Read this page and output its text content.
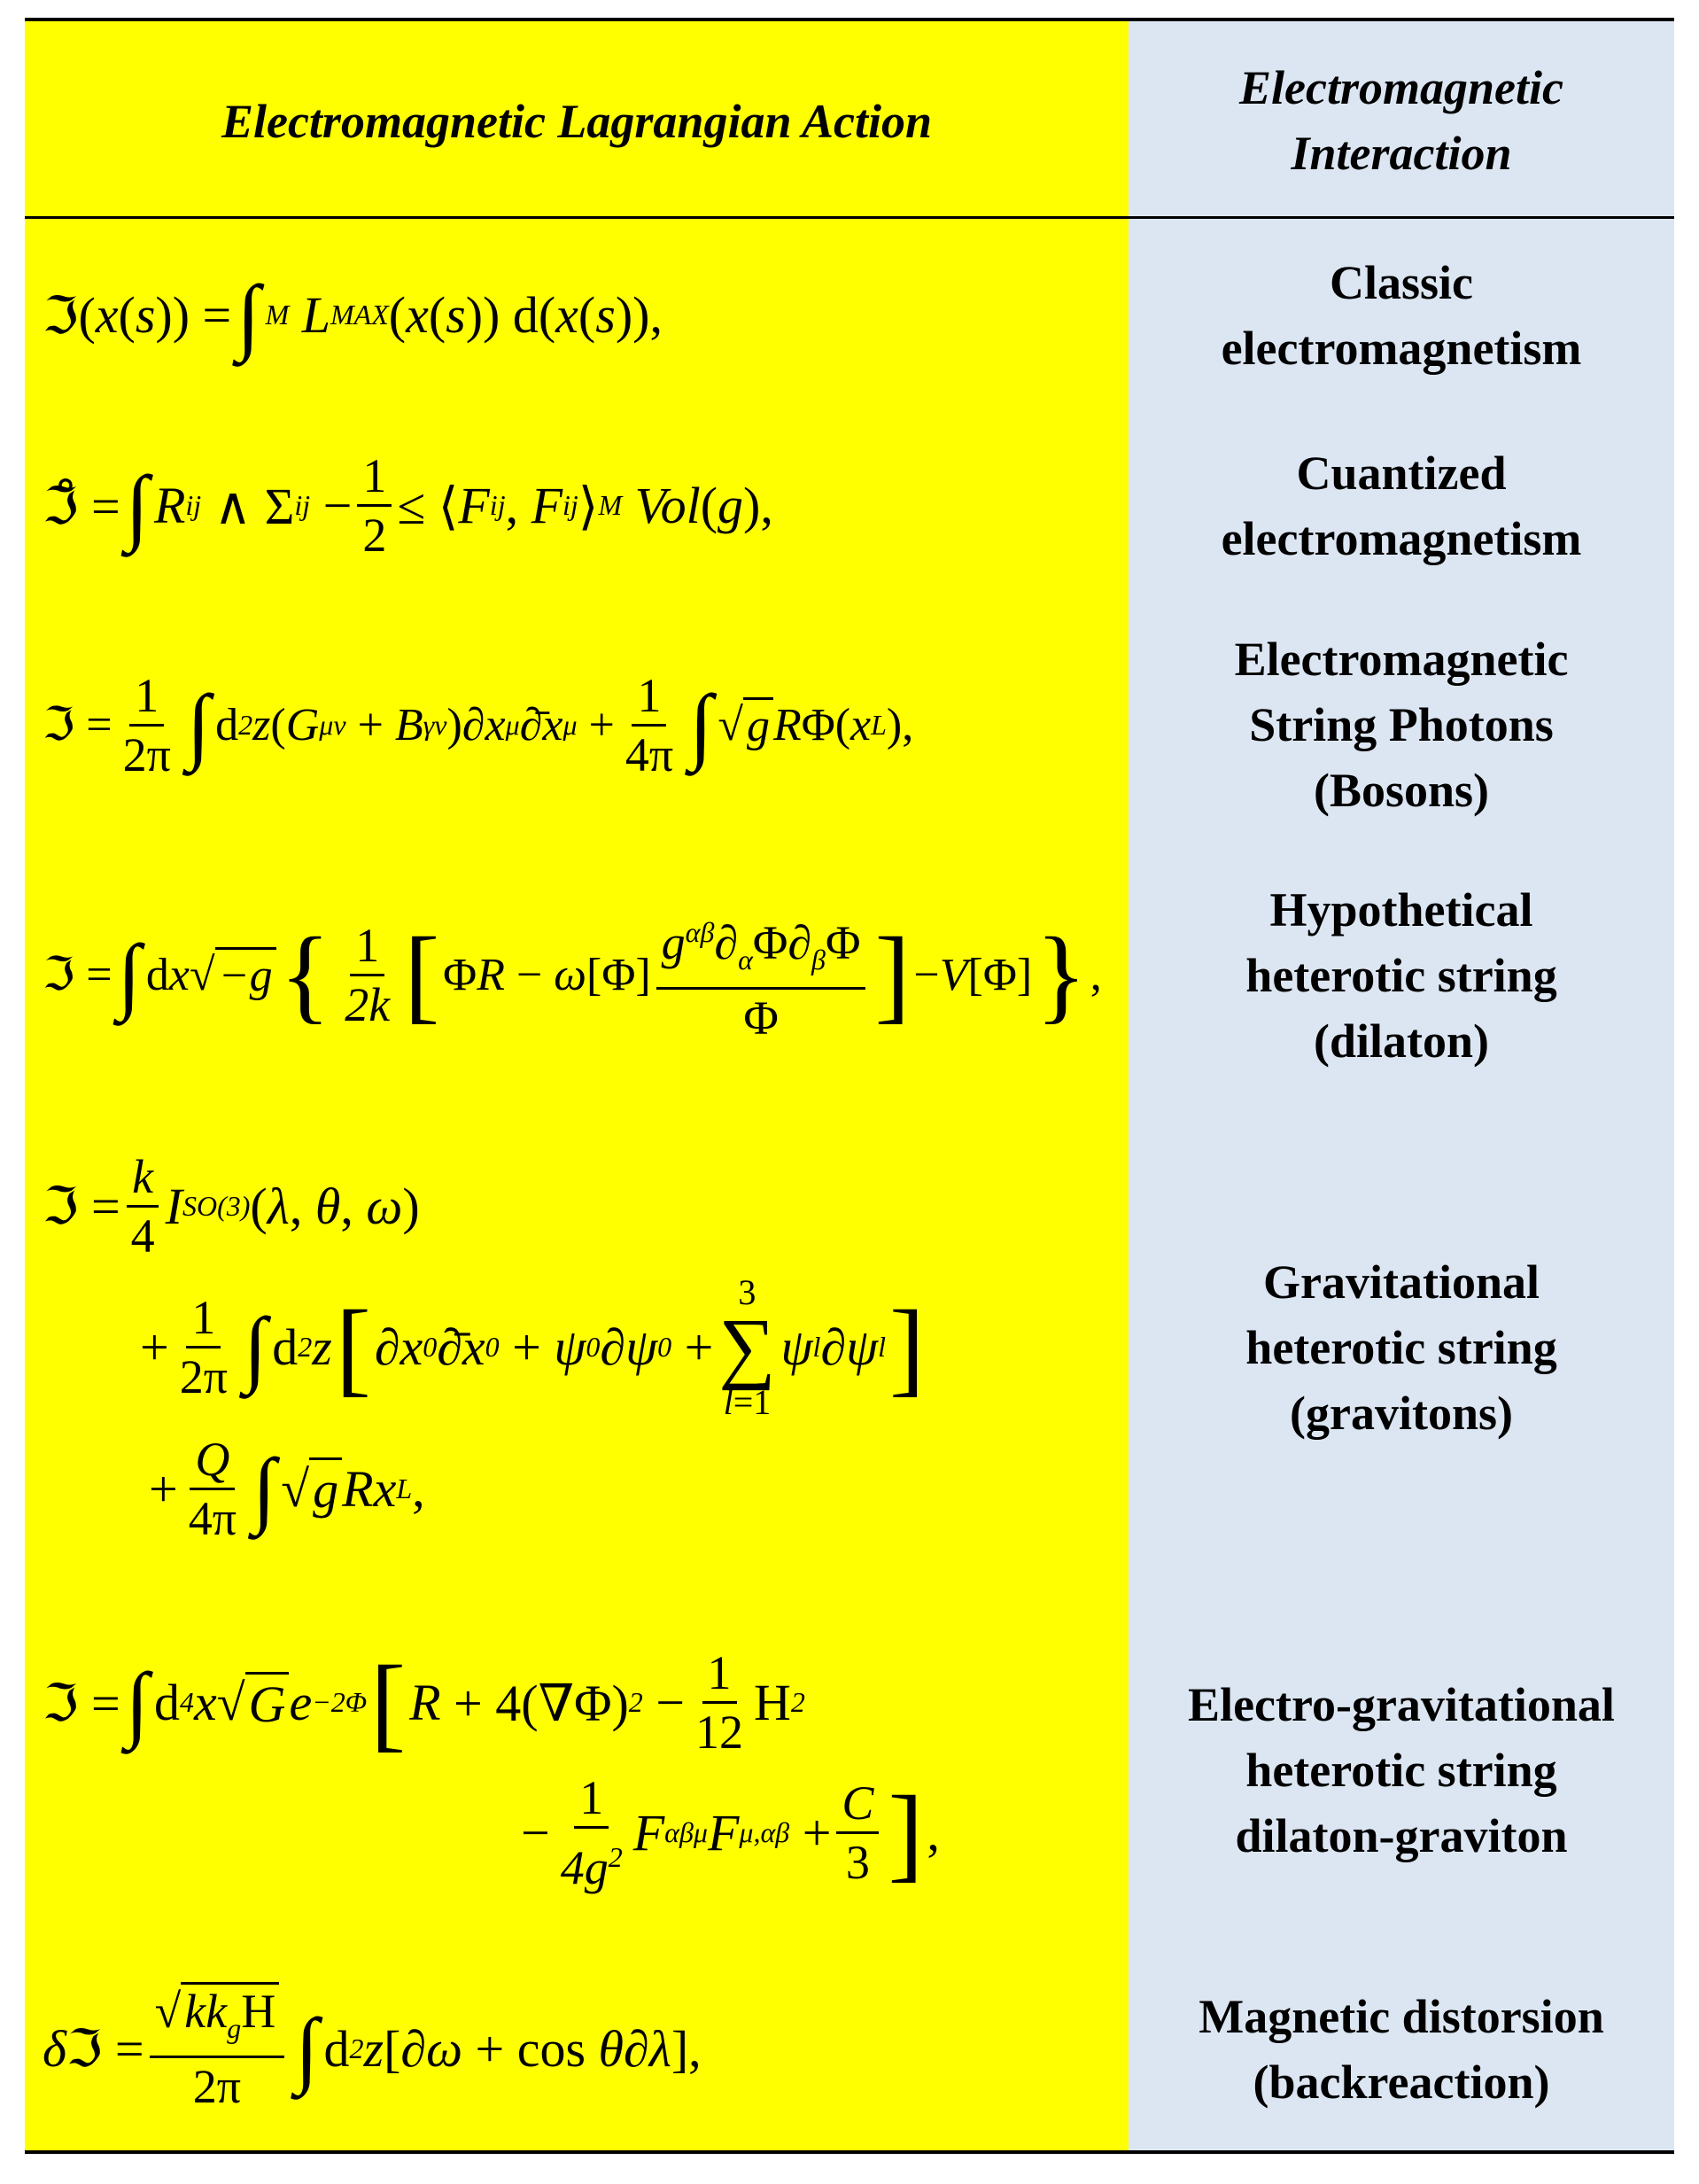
Electromagnetic Lagrangian Action
Electromagnetic
Interaction
ℑ( x ( s )) = ∫ M L MAX ( x ( s )) d( x ( s )),
Classic
electromagnetism
ℑ̊ = ∫ R ij ∧ Σ ij − $\frac{1}{2}$ ≤ ⟨ F ij , F ij ⟩ M Vol ( g ),
Cuantized
electromagnetism
ℑ = $\frac{1}{2\pi}$ ∫ d 2 z ( G μν + B γν )∂ x μ ∂̄ x $\mu + \frac{1}{4\pi}$ ∫ √ g R Φ( x L ),
Electromagnetic
String Photons
(Bosons)
ℑ = ∫ d x √ −g { $\frac{1}{2k}$ [ Φ R − ω $[\Phi] \frac{g^{\alpha\beta}\partial_\alpha\Phi\partial_\beta\Phi}{\Phi}$ ] − V [Φ] } ,
Hypothetical
heterotic string
(dilaton)
ℑ = $\frac{k}{4}$ I SO(3) ( λ , θ , ω )
+ $\frac{1}{2\pi}$ ∫ d 2 z [ ∂ x 0 ∂̄ x 0 + ψ 0 ∂ ψ 0 +
3
∑
l=1
ψ l ∂ ψ l ]
+ $\frac{Q}{4\pi}$ ∫ √ g R x L ,
Gravitational
heterotic string
(gravitons)
ℑ = ∫ d 4 x √ G e −2Φ [ R + 4(∇Φ) $2 - \frac{1}{12}$ H 2
− $\frac{1}{4g^2}$ F αβ μ F $\mu,\alpha\beta + \frac{C}{3}$ ] ,
Electro-gravitational
heterotic string
dilaton-graviton
δ ℑ = $\frac{√kk_gH}{2\pi}$ ∫ d 2 z [∂ ω + cos θ ∂ λ ],
Magnetic distorsion
(backreaction)
